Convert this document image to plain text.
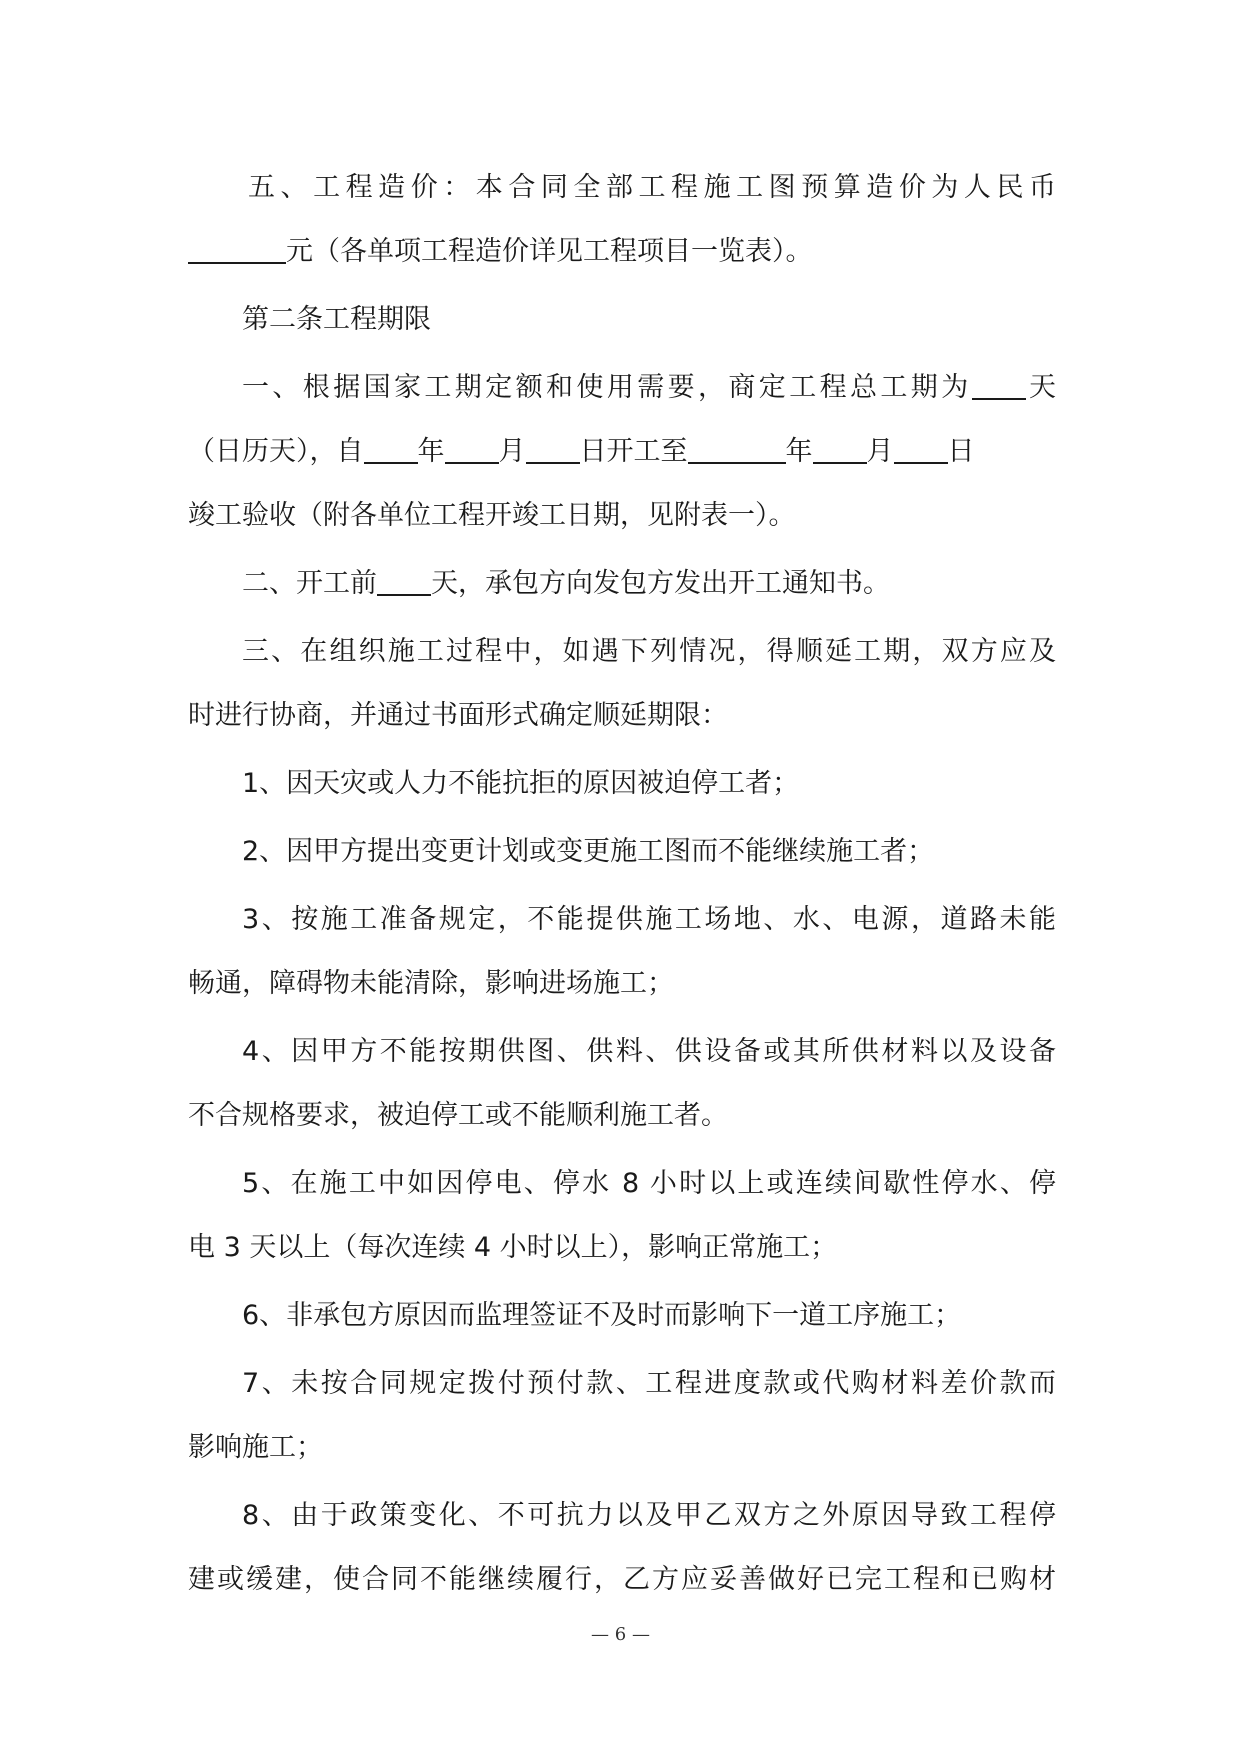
五、工程造价：本合同全部工程施工图预算造价为人民币
元（各单项工程造价详见工程项目一览表）。
第二条工程期限
一、根据国家工期定额和使用需要，商定工程总工期为 天
（日历天），自 年 月 日开工至	年 月 日
竣工验收（附各单位工程开竣工日期，见附表一）。
二、开工前 天，承包方向发包方发出开工通知书。
三、在组织施工过程中，如遇下列情况，得顺延工期，双方应及
时进行协商，并通过书面形式确定顺延期限：
1、因天灾或人力不能抗拒的原因被迫停工者；
2、因甲方提出变更计划或变更施工图而不能继续施工者；
3、按施工准备规定，不能提供施工场地、水、电源，道路未能
畅通，障碍物未能清除，影响进场施工；
4、因甲方不能按期供图、供料、供设备或其所供材料以及设备
不合规格要求，被迫停工或不能顺利施工者。
5、在施工中如因停电、停水 8 小时以上或连续间歇性停水、停
电 3 天以上（每次连续 4 小时以上），影响正常施工；
6、非承包方原因而监理签证不及时而影响下一道工序施工；
7、未按合同规定拨付预付款、工程进度款或代购材料差价款而
影响施工；
8、由于政策变化、不可抗力以及甲乙双方之外原因导致工程停
建或缓建，使合同不能继续履行，乙方应妥善做好已完工程和已购材
— 6 —
